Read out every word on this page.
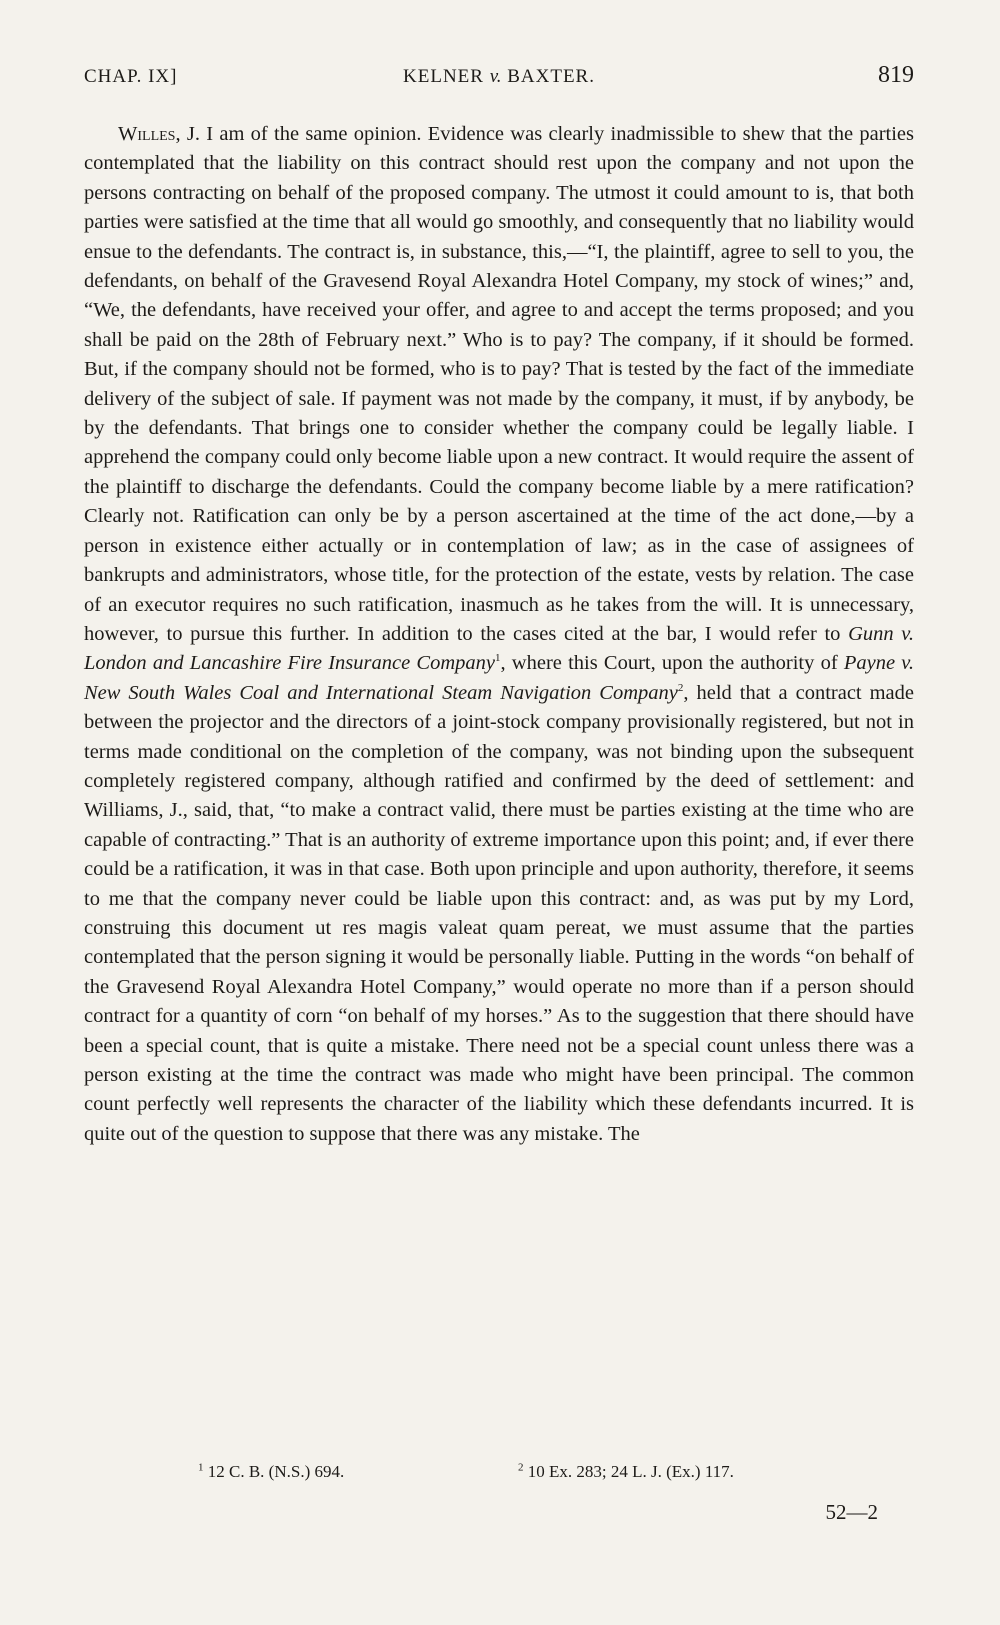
CHAP. IX]	KELNER v. BAXTER.	819
Willes, J. I am of the same opinion. Evidence was clearly inadmissible to shew that the parties contemplated that the liability on this contract should rest upon the company and not upon the persons contracting on behalf of the proposed company. The utmost it could amount to is, that both parties were satisfied at the time that all would go smoothly, and consequently that no liability would ensue to the defendants. The contract is, in substance, this,—“I, the plaintiff, agree to sell to you, the defendants, on behalf of the Gravesend Royal Alexandra Hotel Company, my stock of wines;” and, “We, the defendants, have received your offer, and agree to and accept the terms proposed; and you shall be paid on the 28th of February next.” Who is to pay? The company, if it should be formed. But, if the company should not be formed, who is to pay? That is tested by the fact of the immediate delivery of the subject of sale. If payment was not made by the company, it must, if by anybody, be by the defendants. That brings one to consider whether the company could be legally liable. I apprehend the company could only become liable upon a new contract. It would require the assent of the plaintiff to discharge the defendants. Could the company become liable by a mere ratification? Clearly not. Ratification can only be by a person ascertained at the time of the act done,—by a person in existence either actually or in contemplation of law; as in the case of assignees of bankrupts and administrators, whose title, for the protection of the estate, vests by relation. The case of an executor requires no such ratification, inasmuch as he takes from the will. It is unnecessary, however, to pursue this further. In addition to the cases cited at the bar, I would refer to Gunn v. London and Lancashire Fire Insurance Company$^1$, where this Court, upon the authority of Payne v. New South Wales Coal and International Steam Navigation Company$^2$, held that a contract made between the projector and the directors of a joint-stock company provisionally registered, but not in terms made conditional on the completion of the company, was not binding upon the subsequent completely registered company, although ratified and confirmed by the deed of settlement: and Williams, J., said, that, “to make a contract valid, there must be parties existing at the time who are capable of contracting.” That is an authority of extreme importance upon this point; and, if ever there could be a ratification, it was in that case. Both upon principle and upon authority, therefore, it seems to me that the company never could be liable upon this contract: and, as was put by my Lord, construing this document ut res magis valeat quam pereat, we must assume that the parties contemplated that the person signing it would be personally liable. Putting in the words “on behalf of the Gravesend Royal Alexandra Hotel Company,” would operate no more than if a person should contract for a quantity of corn “on behalf of my horses.” As to the suggestion that there should have been a special count, that is quite a mistake. There need not be a special count unless there was a person existing at the time the contract was made who might have been principal. The common count perfectly well represents the character of the liability which these defendants incurred. It is quite out of the question to suppose that there was any mistake. The
$^1$ 12 C. B. (N.S.) 694.	$^2$ 10 Ex. 283; 24 L. J. (Ex.) 117.
52—2
